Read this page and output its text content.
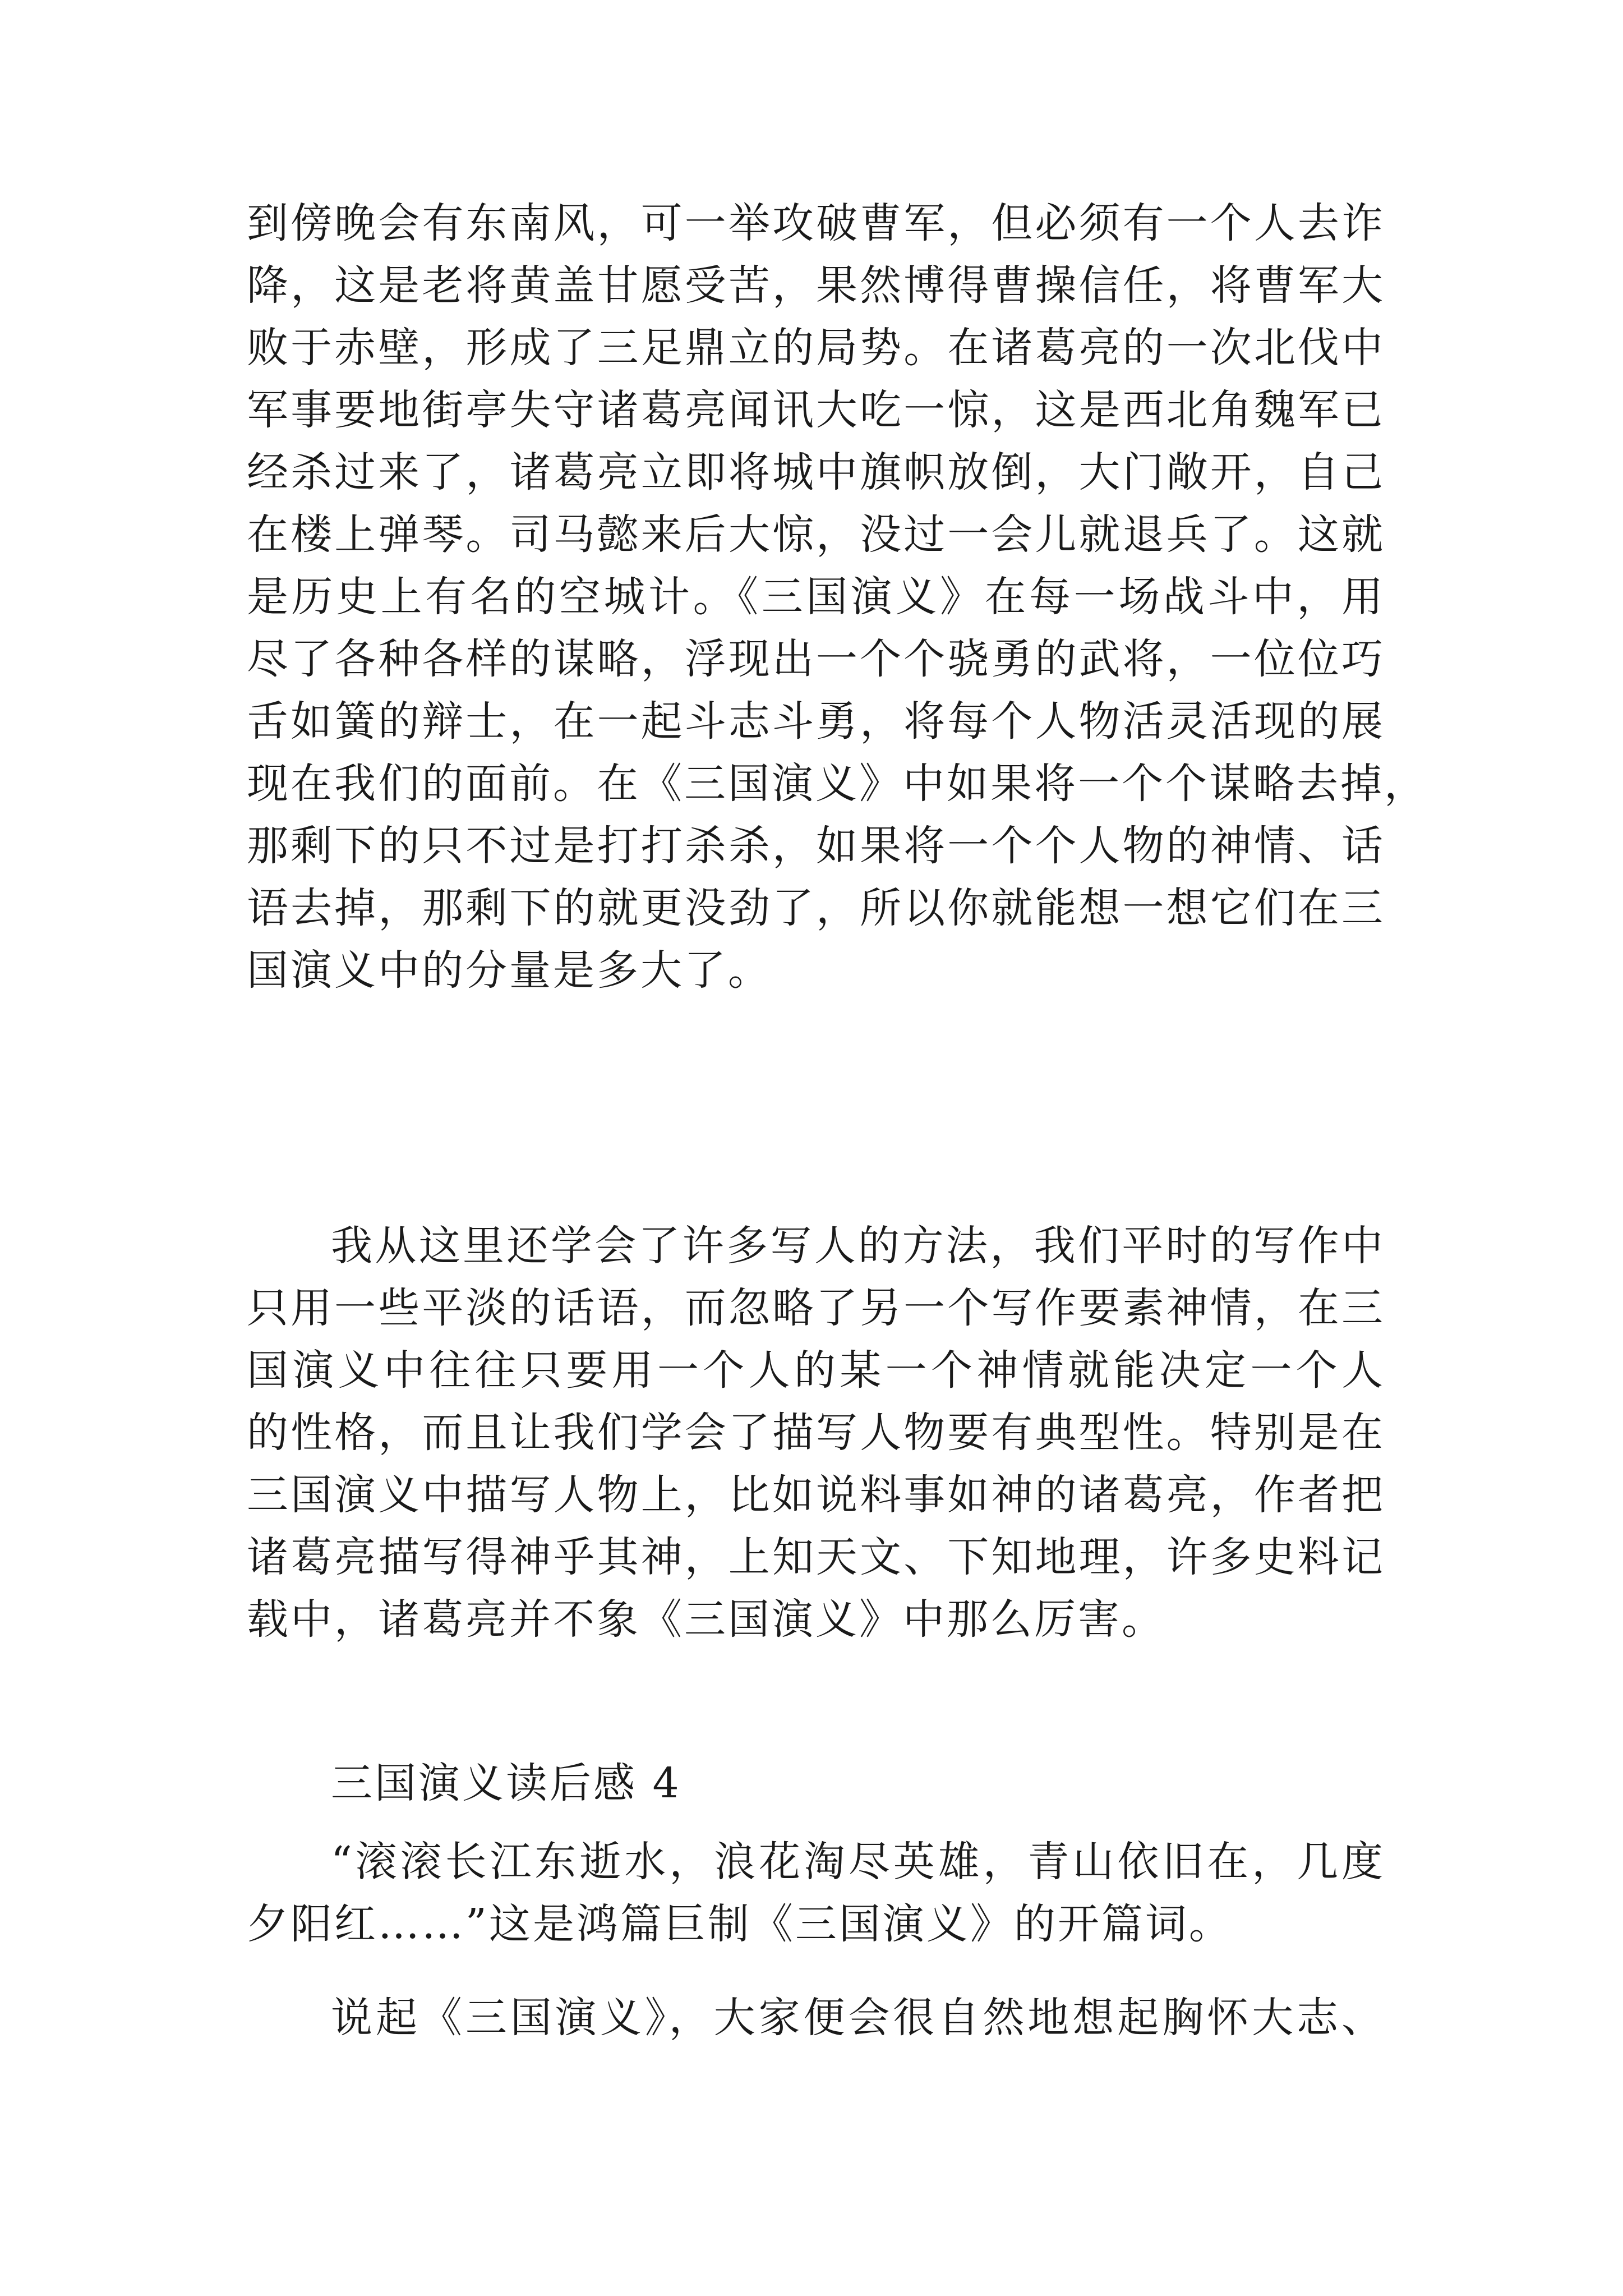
到傍晚会有东南风，可一举攻破曹军，但必须有一个人去诈
降，这是老将黄盖甘愿受苦，果然博得曹操信任，将曹军大
败于赤壁，形成了三足鼎立的局势。在诸葛亮的一次北伐中
军事要地街亭失守诸葛亮闻讯大吃一惊，这是西北角魏军已
经杀过来了，诸葛亮立即将城中旗帜放倒，大门敞开，自己
在楼上弹琴。司马懿来后大惊，没过一会儿就退兵了。这就
是历史上有名的空城计。《三国演义》在每一场战斗中，用
尽了各种各样的谋略，浮现出一个个骁勇的武将，一位位巧
舌如簧的辩士，在一起斗志斗勇，将每个人物活灵活现的展
现在我们的面前。在《三国演义》中如果将一个个谋略去掉，
那剩下的只不过是打打杀杀，如果将一个个人物的神情、话
语去掉，那剩下的就更没劲了，所以你就能想一想它们在三
国演义中的分量是多大了。
我从这里还学会了许多写人的方法，我们平时的写作中
只用一些平淡的话语，而忽略了另一个写作要素神情，在三
国演义中往往只要用一个人的某一个神情就能决定一个人
的性格，而且让我们学会了描写人物要有典型性。特别是在
三国演义中描写人物上，比如说料事如神的诸葛亮，作者把
诸葛亮描写得神乎其神，上知天文、下知地理，许多史料记
载中，诸葛亮并不象《三国演义》中那么厉害。
三国演义读后感 4
“滚滚长江东逝水，浪花淘尽英雄，青山依旧在，几度
夕阳红……”这是鸿篇巨制《三国演义》的开篇词。
说起《三国演义》，大家便会很自然地想起胸怀大志、
